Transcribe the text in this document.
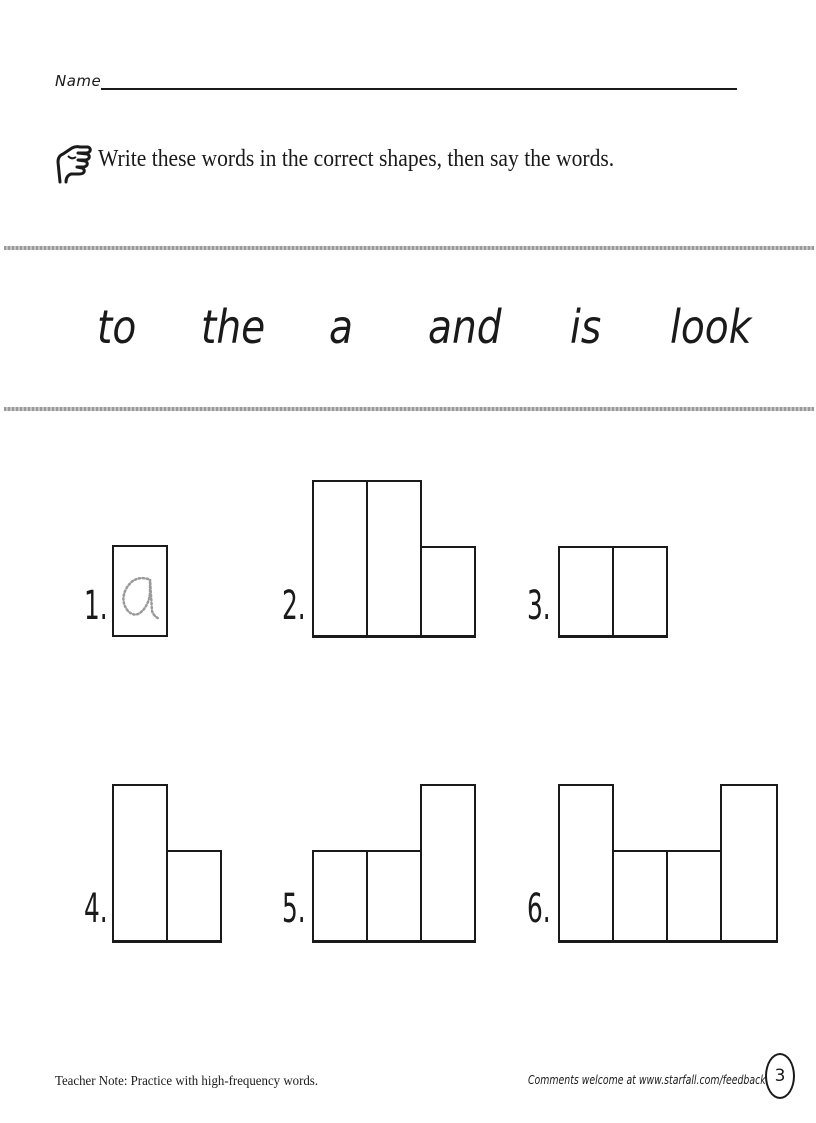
Name
Write these words in the correct shapes, then say the words.
to the a and is look
1.	2.	3.
4.	5.	6.
Teacher Note: Practice with high-frequency words.	Comments welcome at www.starfall.com/feedback 3
